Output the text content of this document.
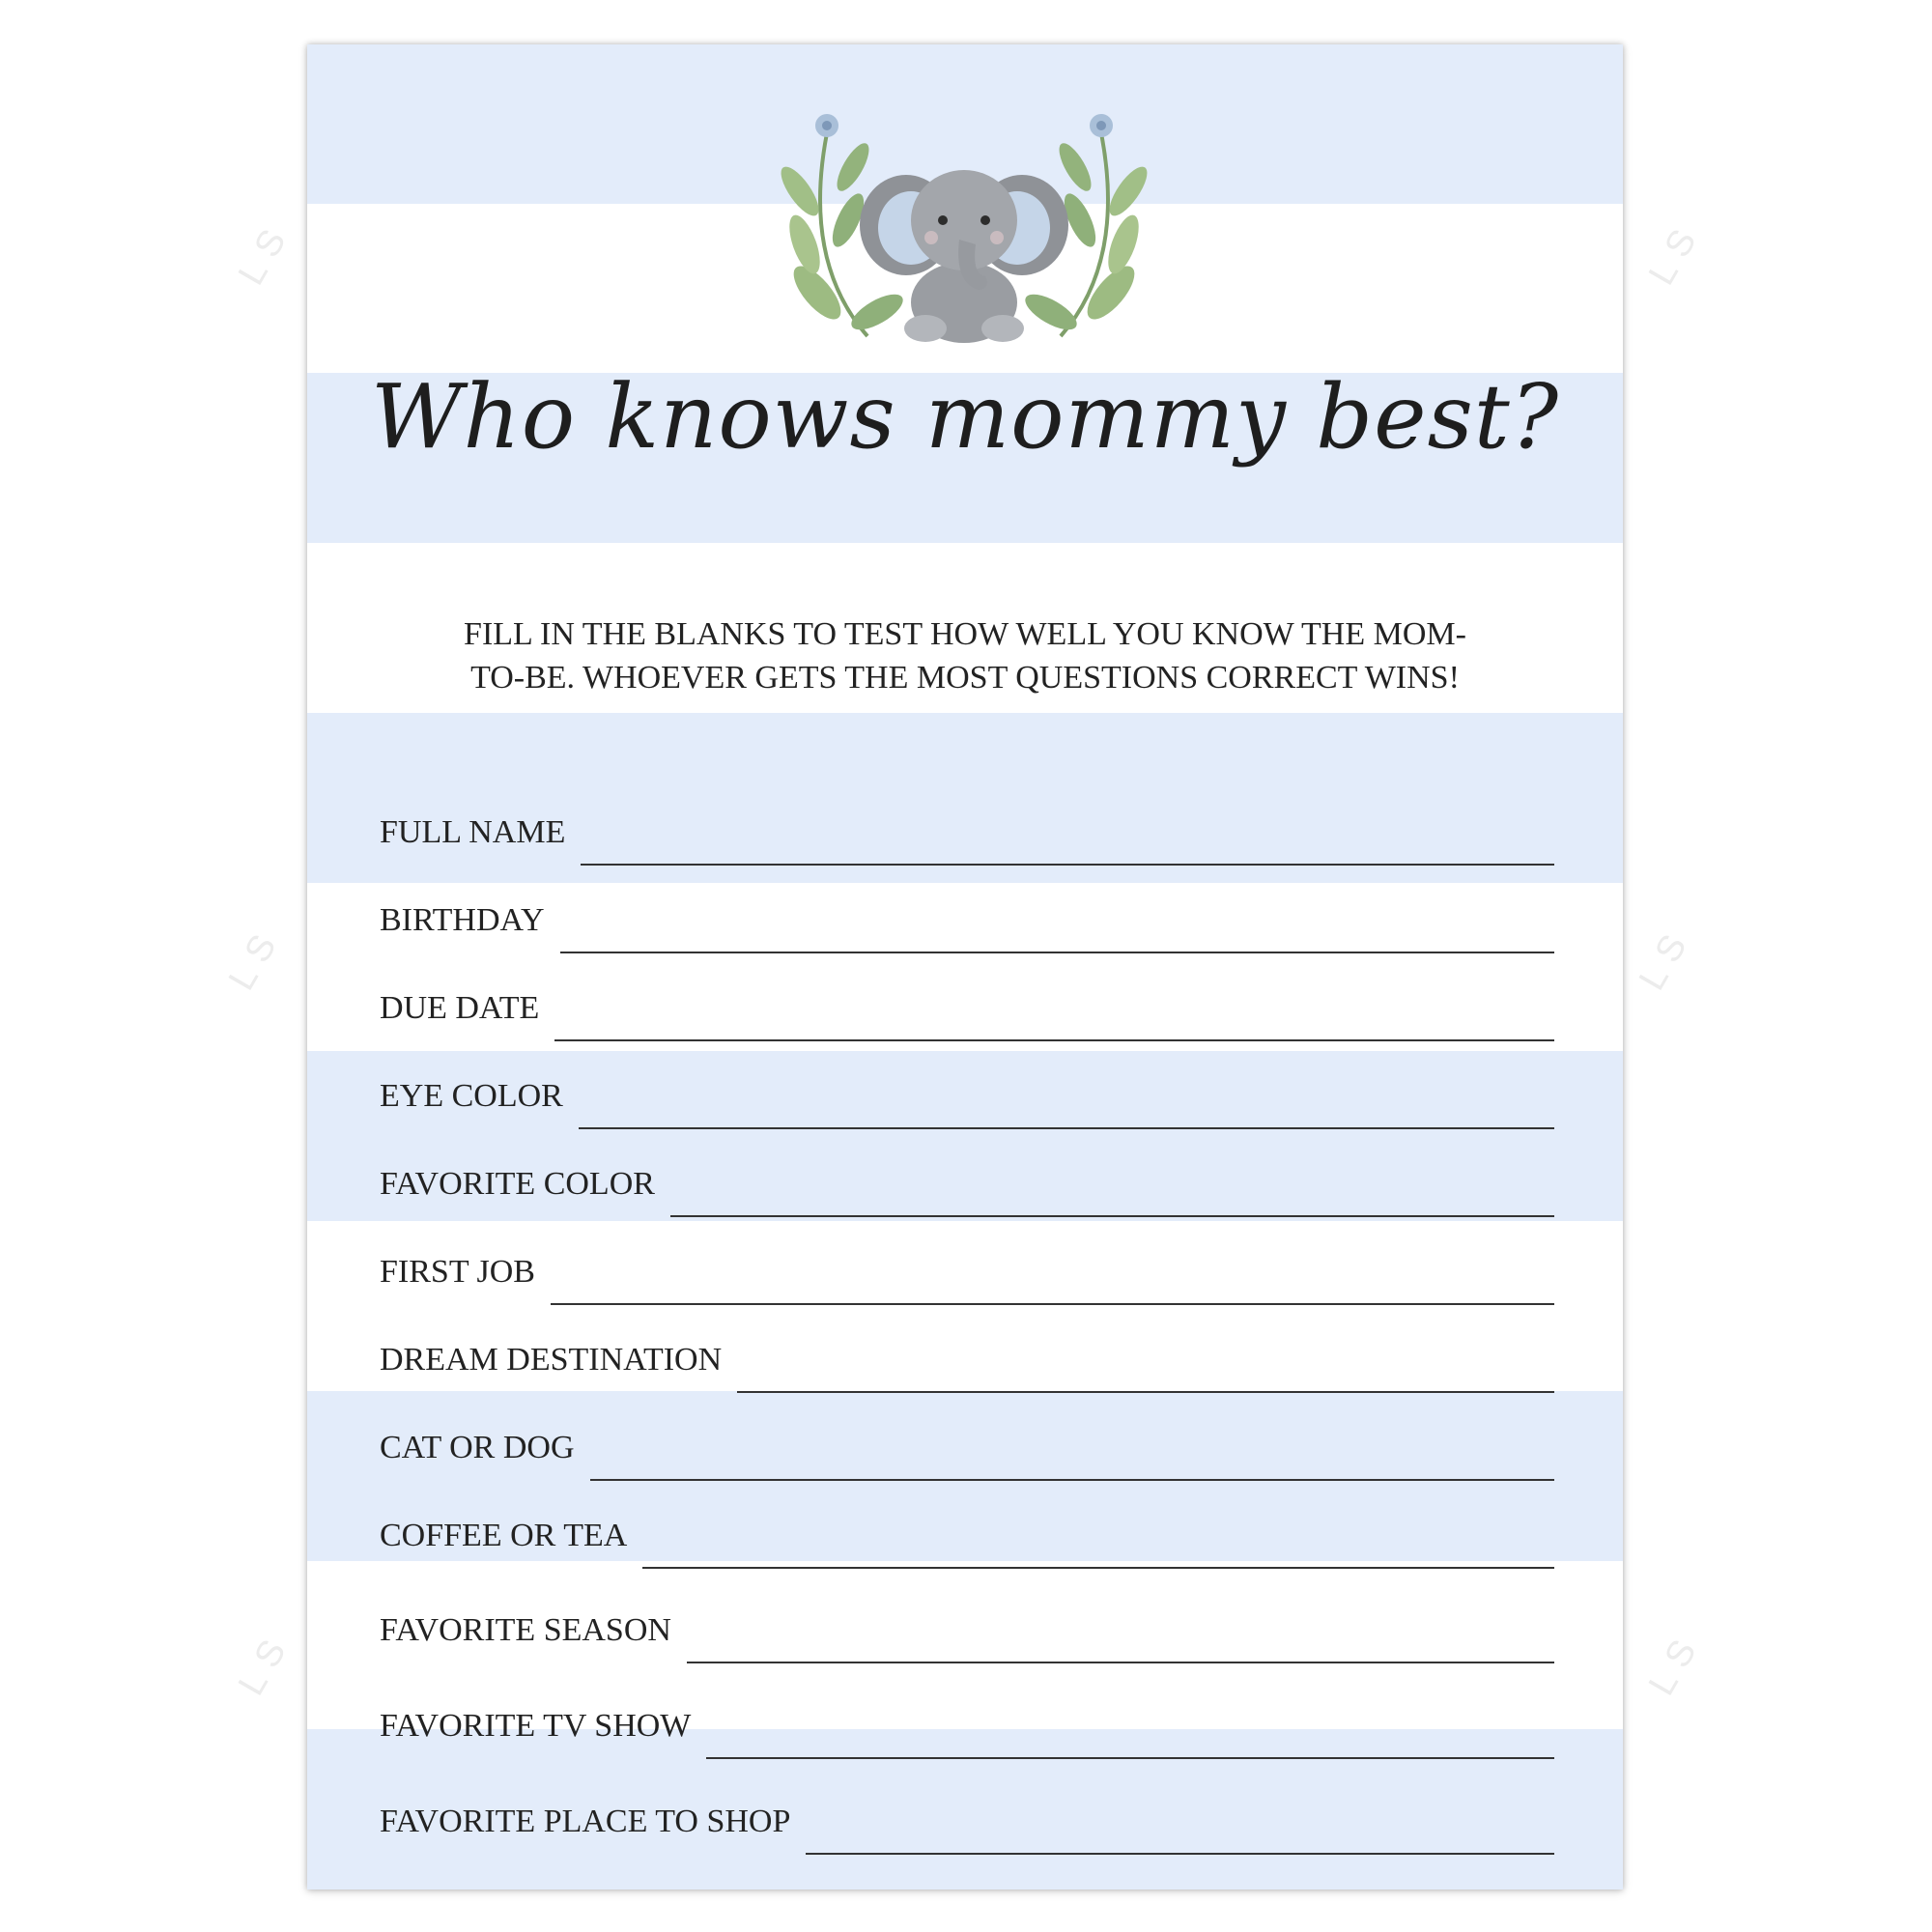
LS	LS
LS	LS
LS	LS
Who knows mommy best?
FILL IN THE BLANKS TO TEST HOW WELL YOU KNOW THE MOM-TO-BE. WHOEVER GETS THE MOST QUESTIONS CORRECT WINS!
FULL NAME
BIRTHDAY
DUE DATE
EYE COLOR
FAVORITE COLOR
FIRST JOB
DREAM DESTINATION
CAT OR DOG
COFFEE OR TEA
FAVORITE SEASON
FAVORITE TV SHOW
FAVORITE PLACE TO SHOP
